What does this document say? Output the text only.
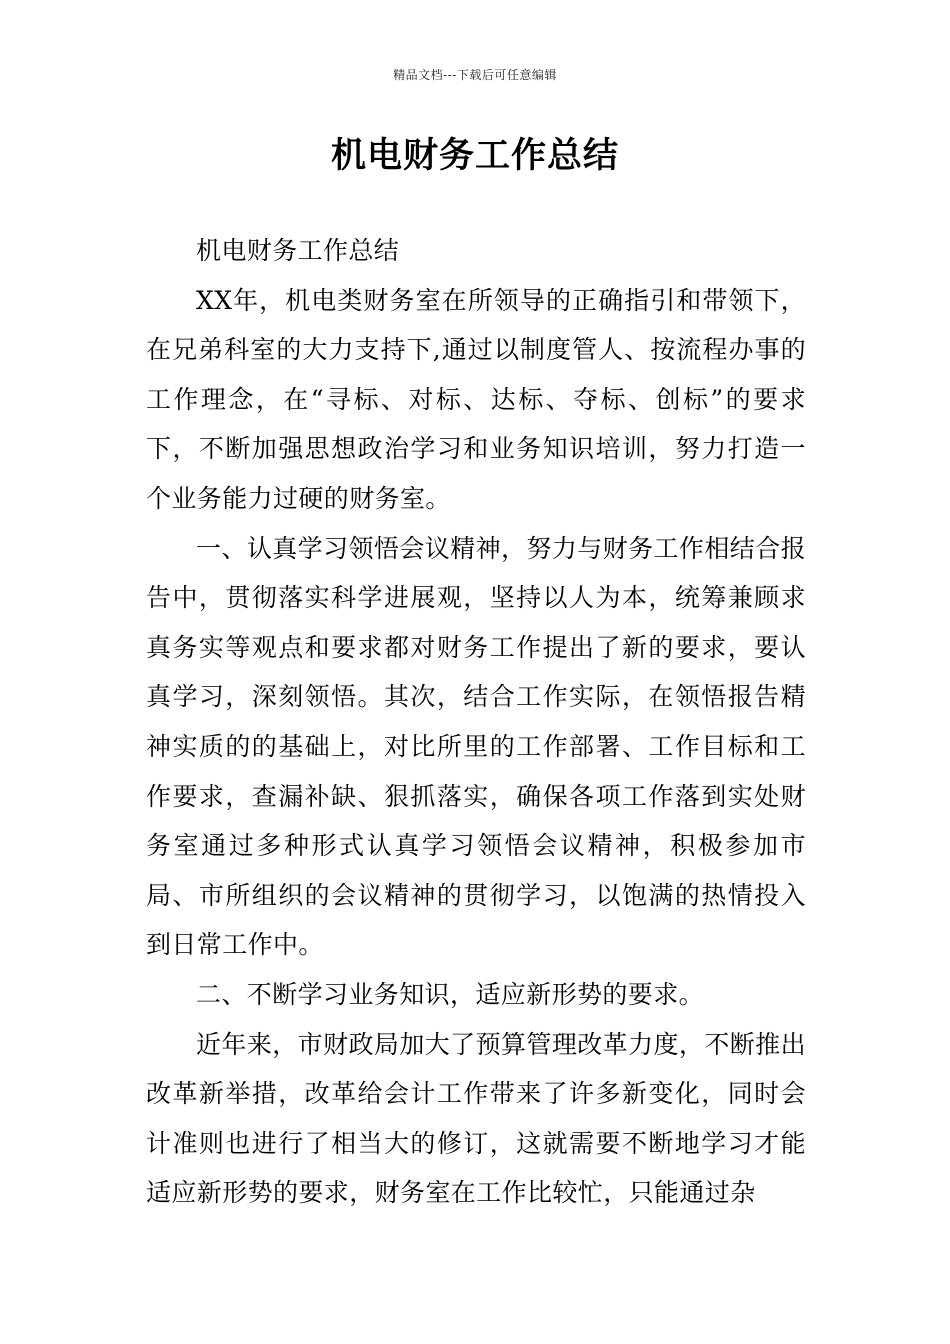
精品文档---下载后可任意编辑
机电财务工作总结

机电财务工作总结

XX年，机电类财务室在所领导的正确指引和带领下，在兄弟科室的大力支持下,通过以制度管人、按流程办事的工作理念，在“寻标、对标、达标、夺标、创标”的要求下，不断加强思想政治学习和业务知识培训，努力打造一个业务能力过硬的财务室。

一、认真学习领悟会议精神，努力与财务工作相结合报告中，贯彻落实科学进展观，坚持以人为本，统筹兼顾求真务实等观点和要求都对财务工作提出了新的要求，要认真学习，深刻领悟。其次，结合工作实际，在领悟报告精神实质的的基础上，对比所里的工作部署、工作目标和工作要求，查漏补缺、狠抓落实，确保各项工作落到实处财务室通过多种形式认真学习领悟会议精神，积极参加市局、市所组织的会议精神的贯彻学习，以饱满的热情投入到日常工作中。

二、不断学习业务知识，适应新形势的要求。

近年来，市财政局加大了预算管理改革力度，不断推出改革新举措，改革给会计工作带来了许多新变化，同时会计准则也进行了相当大的修订，这就需要不断地学习才能适应新形势的要求，财务室在工作比较忙，只能通过杂
